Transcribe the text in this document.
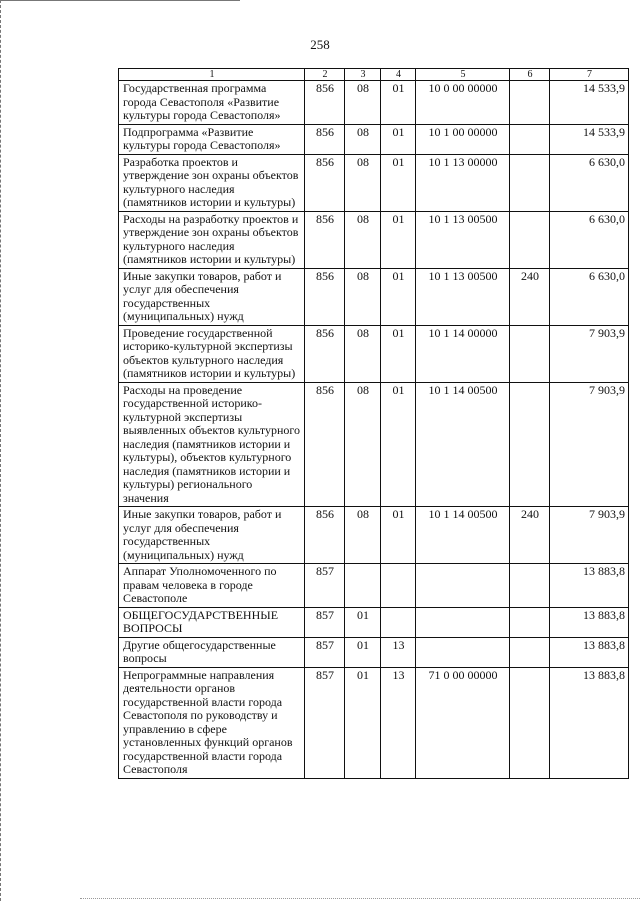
258
1	2	3	4	5	6	7
Государственная программа города Севастополя «Развитие культуры города Севастополя»	856	08	01	10 0 00 00000		14 533,9
Подпрограмма «Развитие культуры города Севастополя»	856	08	01	10 1 00 00000		14 533,9
Разработка проектов и утверждение зон охраны объектов культурного наследия (памятников истории и культуры)	856	08	01	10 1 13 00000		6 630,0
Расходы на разработку проектов и утверждение зон охраны объектов культурного наследия (памятников истории и культуры)	856	08	01	10 1 13 00500		6 630,0
Иные закупки товаров, работ и услуг для обеспечения государственных (муниципальных) нужд	856	08	01	10 1 13 00500	240	6 630,0
Проведение государственной историко-культурной экспертизы объектов культурного наследия (памятников истории и культуры)	856	08	01	10 1 14 00000		7 903,9
Расходы на проведение государственной историко-культурной экспертизы выявленных объектов культурного наследия (памятников истории и культуры), объектов культурного наследия (памятников истории и культуры) регионального значения	856	08	01	10 1 14 00500		7 903,9
Иные закупки товаров, работ и услуг для обеспечения государственных (муниципальных) нужд	856	08	01	10 1 14 00500	240	7 903,9
Аппарат Уполномоченного по правам человека в городе Севастополе	857					13 883,8
ОБЩЕГОСУДАРСТВЕННЫЕ ВОПРОСЫ	857	01				13 883,8
Другие общегосударственные вопросы	857	01	13			13 883,8
Непрограммные направления деятельности органов государственной власти города Севастополя по руководству и управлению в сфере установленных функций органов государственной власти города Севастополя	857	01	13	71 0 00 00000		13 883,8
